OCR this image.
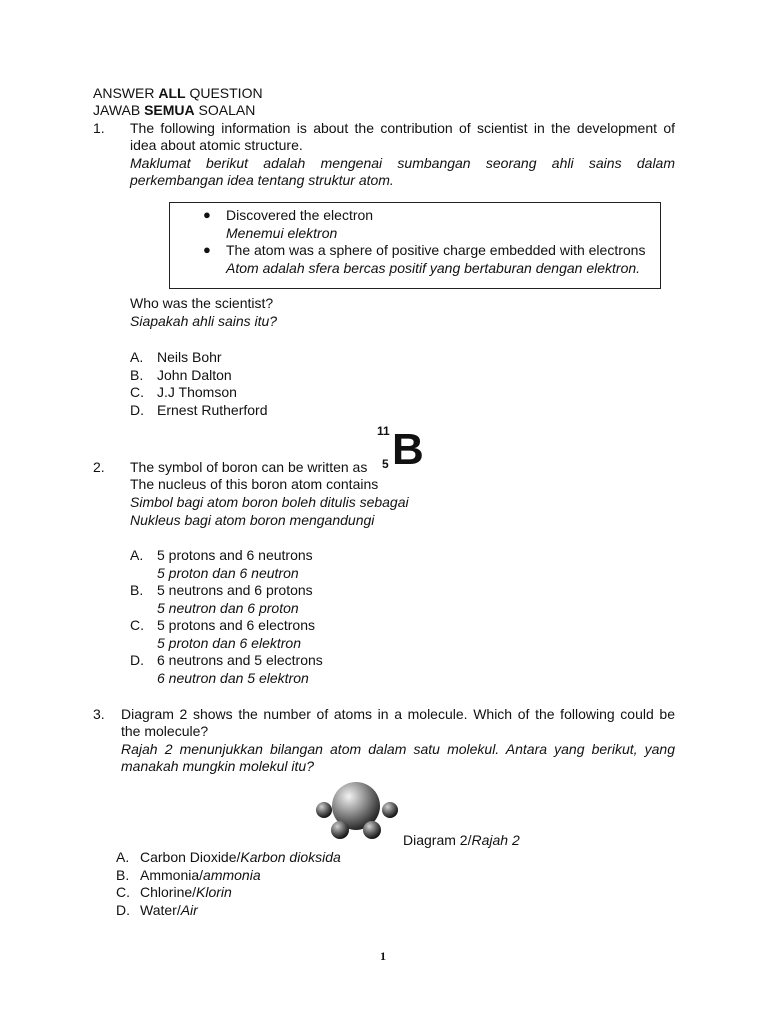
ANSWER ALL QUESTION
JAWAB SEMUA SOALAN
1. The following information is about the contribution of scientist in the development of
idea about atomic structure.
Maklumat berikut adalah mengenai sumbangan seorang ahli sains dalam
perkembangan idea tentang struktur atom.
● Discovered the electron
Menemui elektron
● The atom was a sphere of positive charge embedded with electrons
Atom adalah sfera bercas positif yang bertaburan dengan elektron.
Who was the scientist?
Siapakah ahli sains itu?
A. Neils Bohr
B. John Dalton
C. J.J Thomson
D. Ernest Rutherford
11
5 B
2. The symbol of boron can be written as
The nucleus of this boron atom contains
Simbol bagi atom boron boleh ditulis sebagai
Nukleus bagi atom boron mengandungi
A. 5 protons and 6 neutrons
5 proton dan 6 neutron
B. 5 neutrons and 6 protons
5 neutron dan 6 proton
C. 5 protons and 6 electrons
5 proton dan 6 elektron
D. 6 neutrons and 5 electrons
6 neutron dan 5 elektron
3. Diagram 2 shows the number of atoms in a molecule. Which of the following could be
the molecule?
Rajah 2 menunjukkan bilangan atom dalam satu molekul. Antara yang berikut, yang
manakah mungkin molekul itu?
Diagram 2/Rajah 2
A. Carbon Dioxide/Karbon dioksida
B. Ammonia/ammonia
C. Chlorine/Klorin
D. Water/Air
1
